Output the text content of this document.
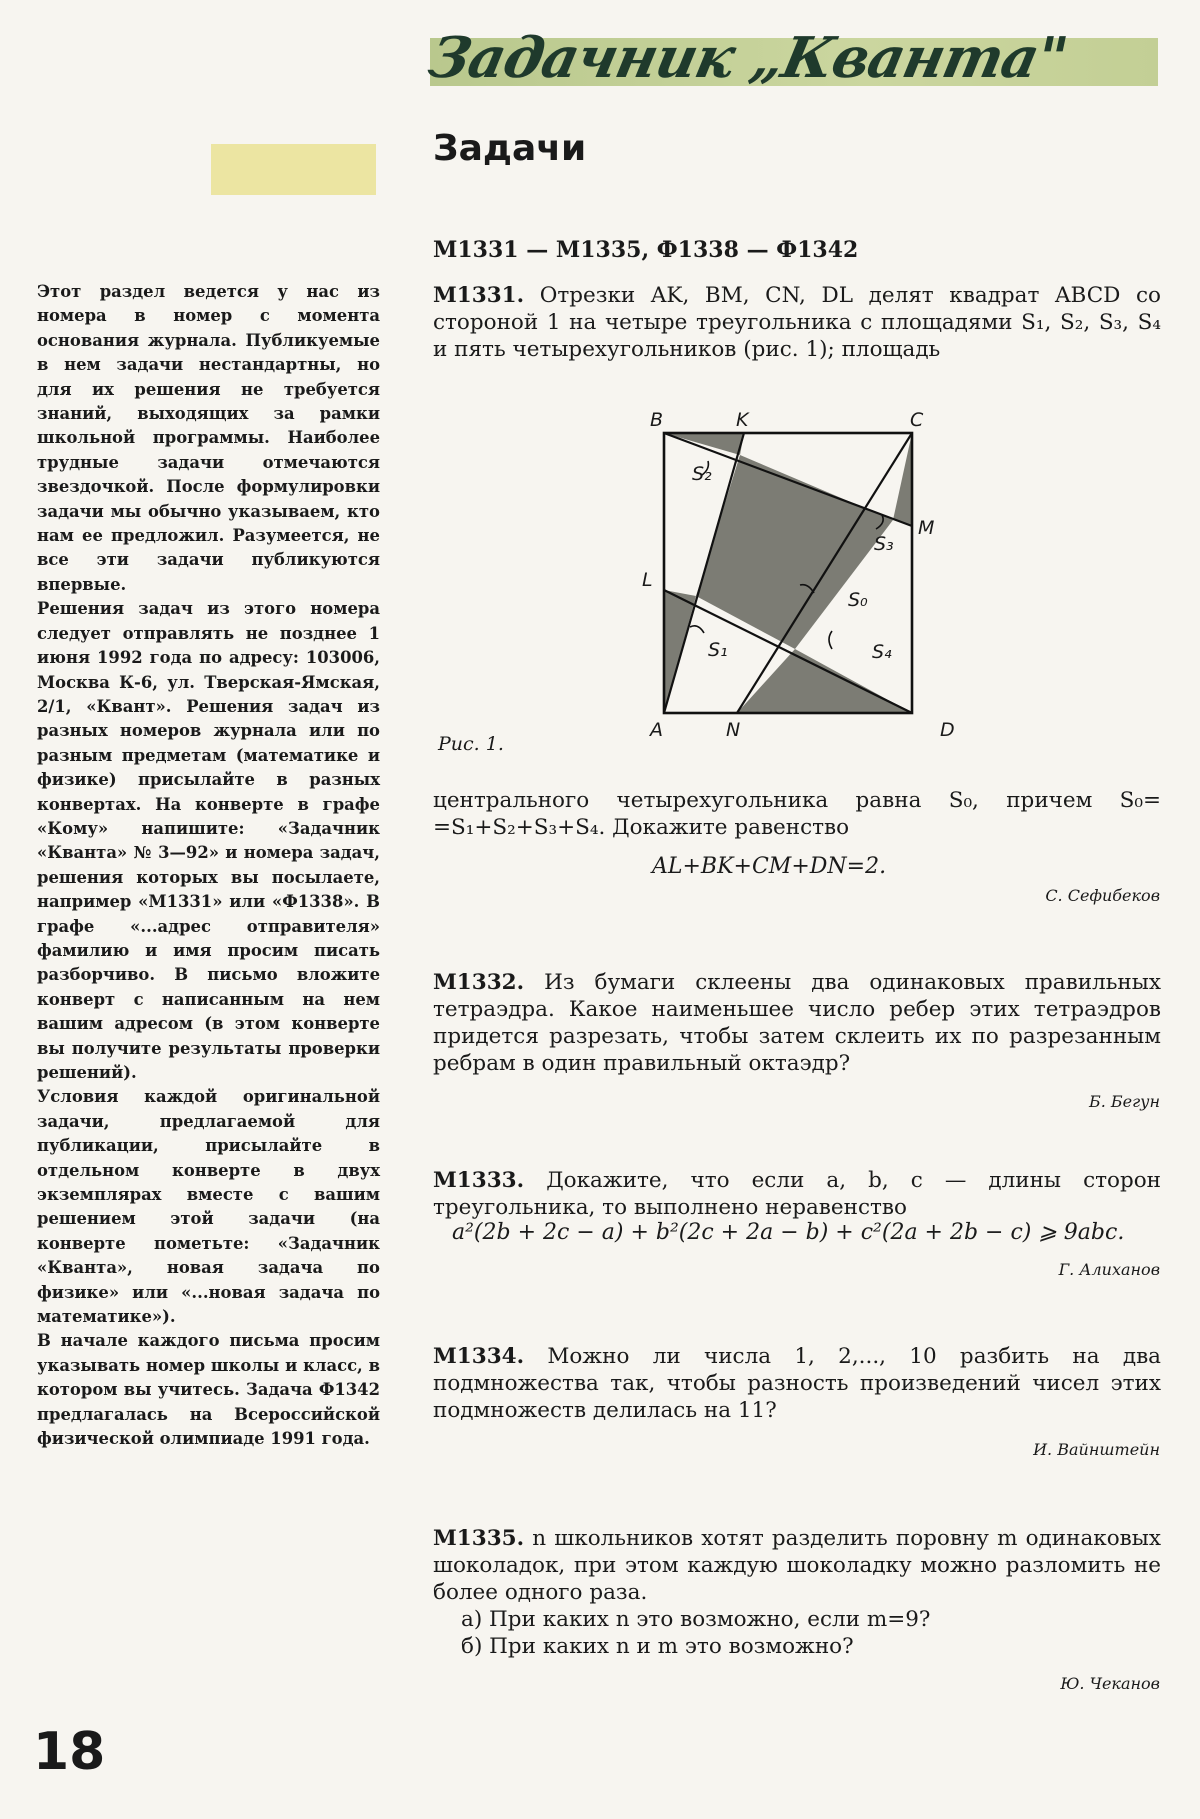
Задачник „Кванта"
Задачи
М1331 — М1335, Ф1338 — Ф1342

Этот раздел ведется у нас из номера в номер с момента основания журнала. Публикуемые в нем задачи нестандартны, но для их решения не требуется знаний, выходящих за рамки школьной программы. Наиболее трудные задачи отмечаются звездочкой. После формулировки задачи мы обычно указываем, кто нам ее предложил. Разумеется, не все эти задачи публикуются впервые.

Решения задач из этого номера следует отправлять не позднее 1 июня 1992 года по адресу: 103006, Москва К-6, ул. Тверская-Ямская, 2/1, «Квант». Решения задач из разных номеров журнала или по разным предметам (математике и физике) присылайте в разных конвертах. На конверте в графе «Кому» напишите: «Задачник «Кванта» № 3—92» и номера задач, решения которых вы посылаете, например «М1331» или «Ф1338». В графе «...адрес отправителя» фамилию и имя просим писать разборчиво. В письмо вложите конверт с написанным на нем вашим адресом (в этом конверте вы получите результаты проверки решений).

Условия каждой оригинальной задачи, предлагаемой для публикации, присылайте в отдельном конверте в двух экземплярах вместе с вашим решением этой задачи (на конверте пометьте: «Задачник «Кванта», новая задача по физике» или «...новая задача по математике»).

В начале каждого письма просим указывать номер школы и класс, в котором вы учитесь. Задача Ф1342 предлагалась на Всероссийской физической олимпиаде 1991 года.

М1331. Отрезки AK, BM, CN, DL делят квадрат ABCD со стороной 1 на четыре треугольника с площадями S₁, S₂, S₃, S₄ и пять четырехугольников (рис. 1); площадь

B	K	C
M
L
A	N	D
S₂
S₃
S₀
S₁	S₄
Рис. 1.

центрального четырехугольника равна S₀, причем S₀= =S₁+S₂+S₃+S₄. Докажите равенство

AL+BK+CM+DN=2.
С. Сефибеков

М1332. Из бумаги склеены два одинаковых правильных тетраэдра. Какое наименьшее число ребер этих тетраэдров придется разрезать, чтобы затем склеить их по разрезанным ребрам в один правильный октаэдр?

Б. Бегун

М1333. Докажите, что если a, b, c — длины сторон треугольника, то выполнено неравенство

a²(2b + 2c − a) + b²(2c + 2a − b) + c²(2a + 2b − c) ⩾ 9abc.
Г. Алиханов

М1334. Можно ли числа 1, 2,..., 10 разбить на два подмножества так, чтобы разность произведений чисел этих подмножеств делилась на 11?

И. Вайнштейн

М1335. n школьников хотят разделить поровну m одинаковых шоколадок, при этом каждую шоколадку можно разломить не более одного раза.

а) При каких n это возможно, если m=9?

б) При каких n и m это возможно?

Ю. Чеканов
18
